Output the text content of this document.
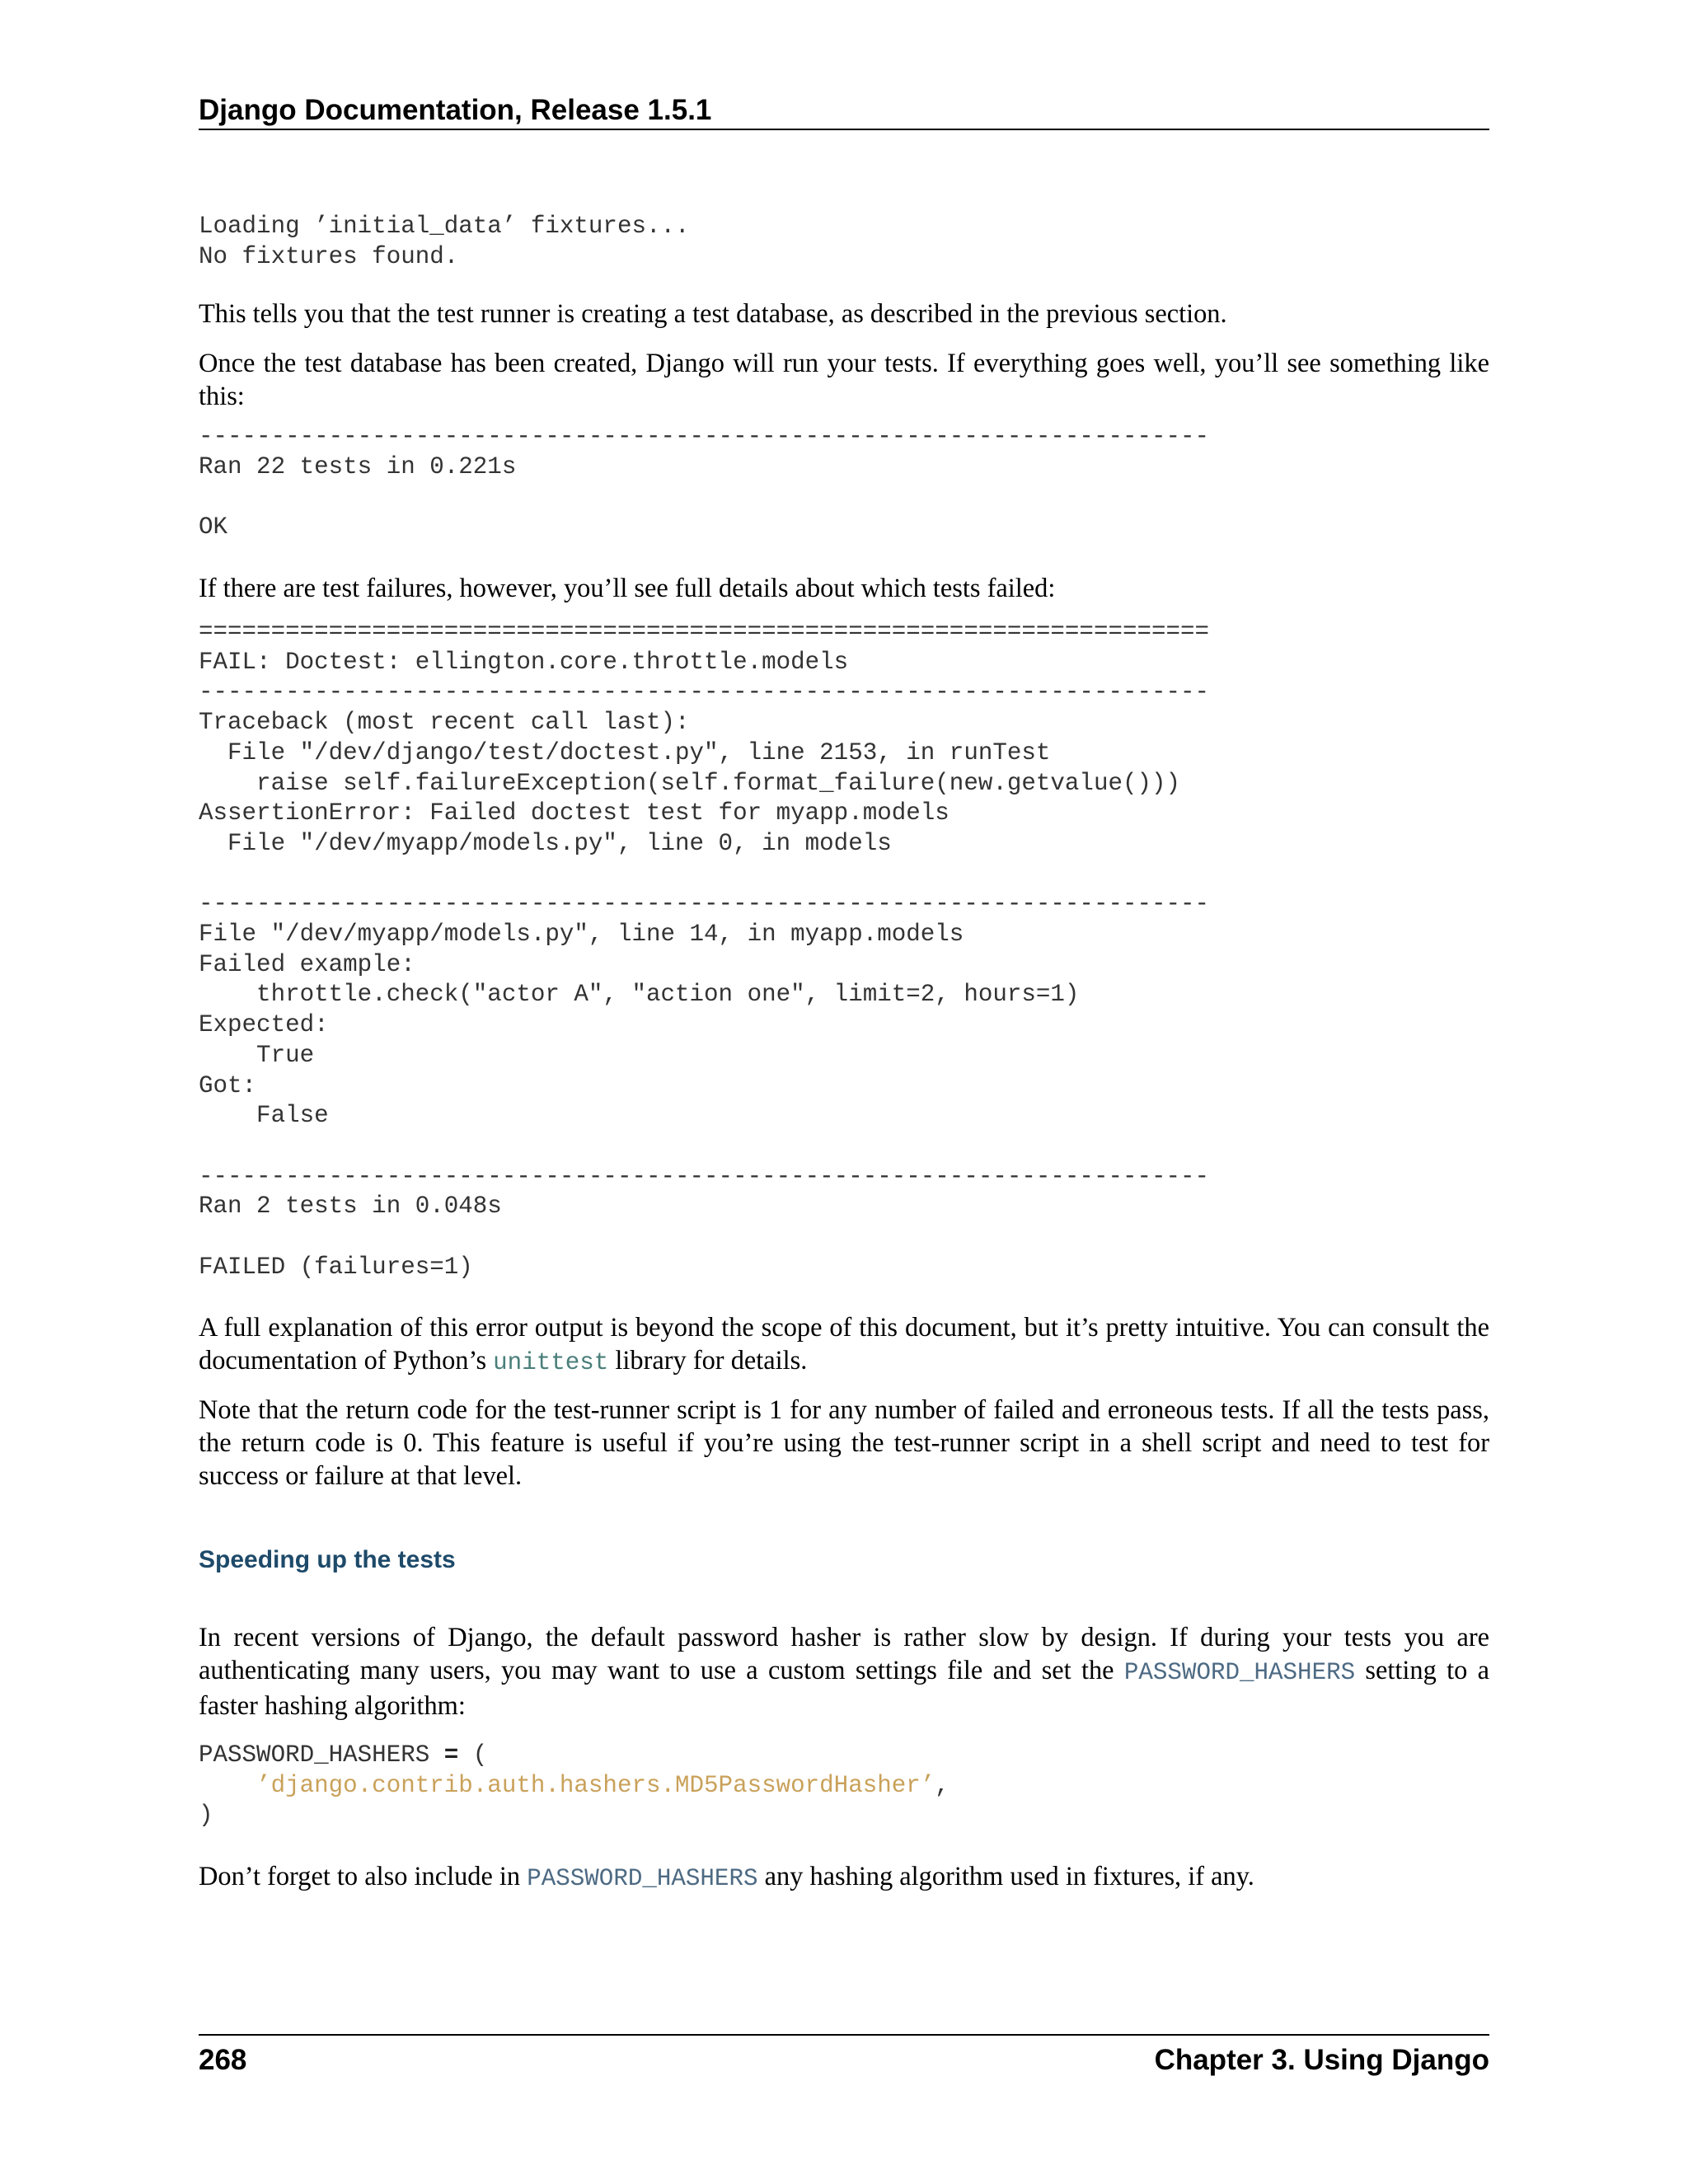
Django Documentation, Release 1.5.1
Loading ’initial_data’ fixtures...
No fixtures found.

This tells you that the test runner is creating a test database, as described in the previous section.

Once the test database has been created, Django will run your tests. If everything goes well, you’ll see something like this:

----------------------------------------------------------------------
Ran 22 tests in 0.221s

OK

If there are test failures, however, you’ll see full details about which tests failed:

======================================================================
FAIL: Doctest: ellington.core.throttle.models
----------------------------------------------------------------------
Traceback (most recent call last):
File "/dev/django/test/doctest.py", line 2153, in runTest
raise self.failureException(self.format_failure(new.getvalue()))
AssertionError: Failed doctest test for myapp.models
File "/dev/myapp/models.py", line 0, in models

----------------------------------------------------------------------
File "/dev/myapp/models.py", line 14, in myapp.models
Failed example:
throttle.check("actor A", "action one", limit=2, hours=1)
Expected:
True
Got:
False

----------------------------------------------------------------------
Ran 2 tests in 0.048s

FAILED (failures=1)

A full explanation of this error output is beyond the scope of this document, but it’s pretty intuitive. You can consult the documentation of Python’s unittest library for details.

Note that the return code for the test-runner script is 1 for any number of failed and erroneous tests. If all the tests pass, the return code is 0. This feature is useful if you’re using the test-runner script in a shell script and need to test for success or failure at that level.

Speeding up the tests

In recent versions of Django, the default password hasher is rather slow by design. If during your tests you are authenticating many users, you may want to use a custom settings file and set the PASSWORD_HASHERS setting to a faster hashing algorithm:

PASSWORD_HASHERS = (
’django.contrib.auth.hashers.MD5PasswordHasher’,
)

Don’t forget to also include in PASSWORD_HASHERS any hashing algorithm used in fixtures, if any.

268	Chapter 3. Using Django
